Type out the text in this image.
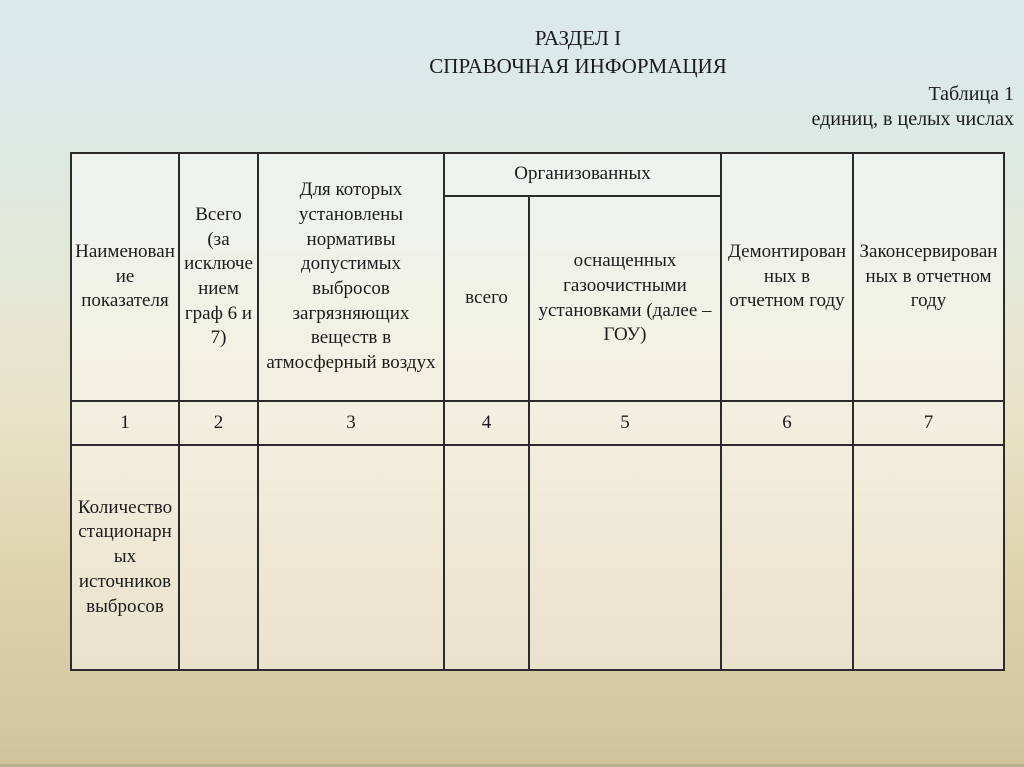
РАЗДЕЛ I
СПРАВОЧНАЯ ИНФОРМАЦИЯ
Таблица 1
единиц, в целых числах
Наименование показателя	Всего (за исключением граф 6 и 7)	Для которых установлены нормативы допустимых выбросов загрязняющих веществ в атмосферный воздух	Организованных		Демонтированных в отчетном году	Законсервированных в отчетном году
			всего	оснащенных газоочистными установками (далее – ГОУ)		
1	2	3	4	5	6	7
Количество стационарных источников выбросов						
